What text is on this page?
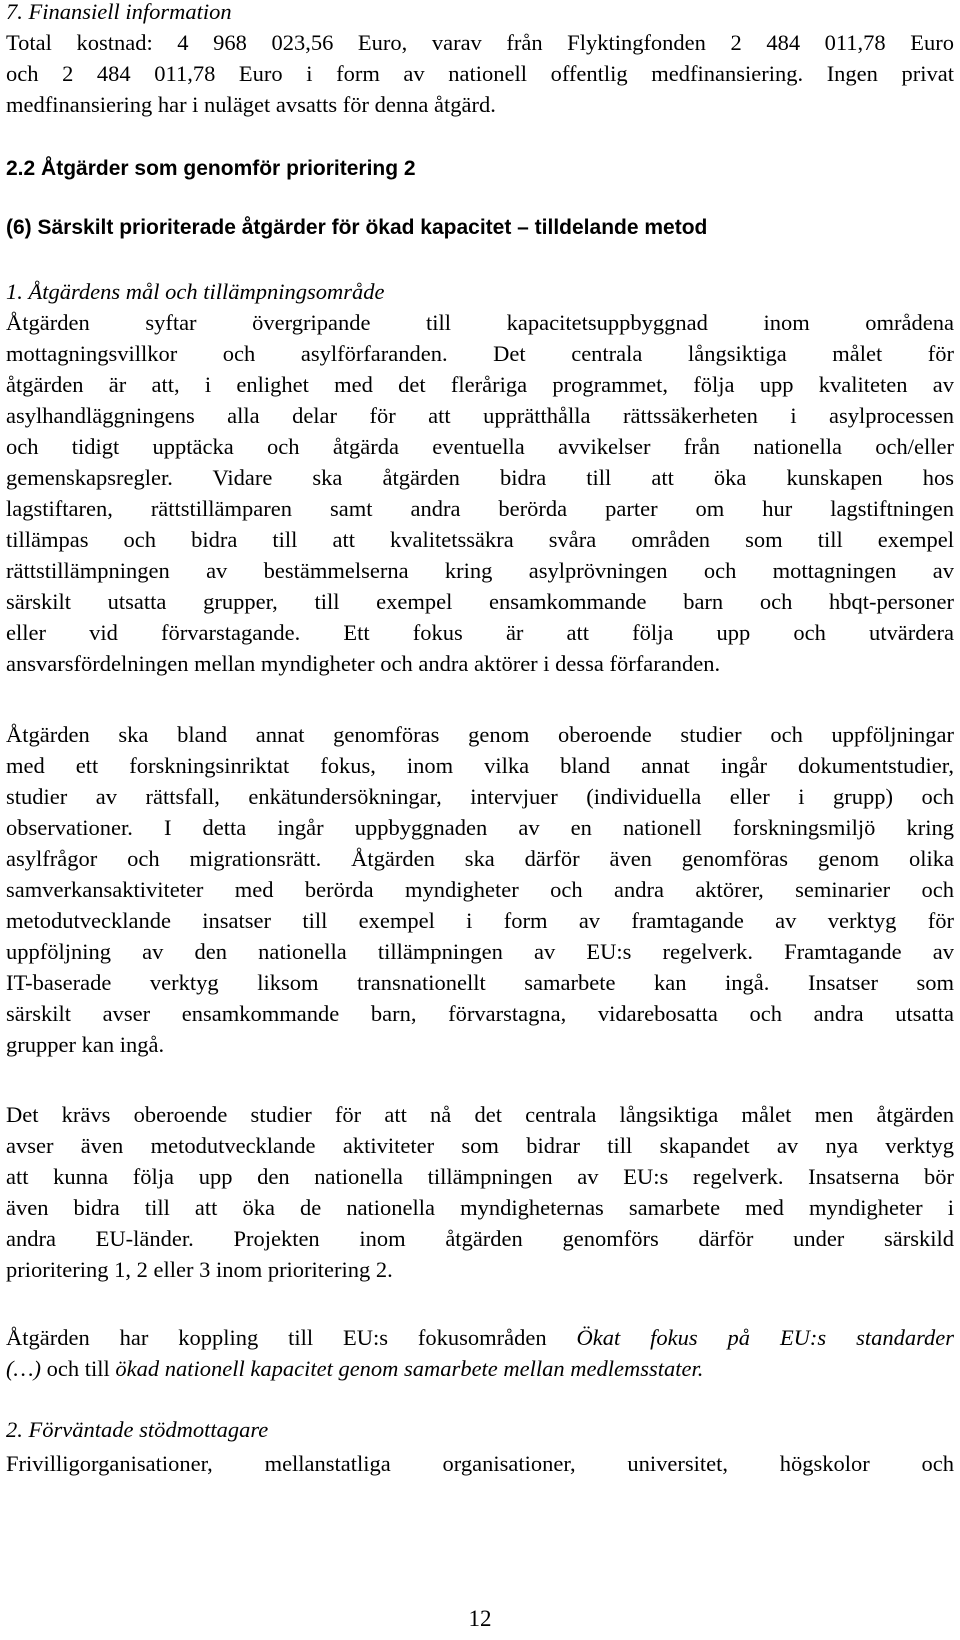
7. Finansiell information
Total kostnad: 4 968 023,56 Euro, varav från Flyktingfonden 2 484 011,78 Euro
och 2 484 011,78 Euro i form av nationell offentlig medfinansiering. Ingen privat
medfinansiering har i nuläget avsatts för denna åtgärd.
2.2 Åtgärder som genomför prioritering 2
(6) Särskilt prioriterade åtgärder för ökad kapacitet – tilldelande metod
1. Åtgärdens mål och tillämpningsområde
Åtgärden syftar övergripande till kapacitetsuppbyggnad inom områdena
mottagningsvillkor och asylförfaranden. Det centrala långsiktiga målet för
åtgärden är att, i enlighet med det fleråriga programmet, följa upp kvaliteten av
asylhandläggningens alla delar för att upprätthålla rättssäkerheten i asylprocessen
och tidigt upptäcka och åtgärda eventuella avvikelser från nationella och/eller
gemenskapsregler. Vidare ska åtgärden bidra till att öka kunskapen hos
lagstiftaren, rättstillämparen samt andra berörda parter om hur lagstiftningen
tillämpas och bidra till att kvalitetssäkra svåra områden som till exempel
rättstillämpningen av bestämmelserna kring asylprövningen och mottagningen av
särskilt utsatta grupper, till exempel ensamkommande barn och hbqt-personer
eller vid förvarstagande. Ett fokus är att följa upp och utvärdera
ansvarsfördelningen mellan myndigheter och andra aktörer i dessa förfaranden.
Åtgärden ska bland annat genomföras genom oberoende studier och uppföljningar
med ett forskningsinriktat fokus, inom vilka bland annat ingår dokumentstudier,
studier av rättsfall, enkätundersökningar, intervjuer (individuella eller i grupp) och
observationer. I detta ingår uppbyggnaden av en nationell forskningsmiljö kring
asylfrågor och migrationsrätt. Åtgärden ska därför även genomföras genom olika
samverkansaktiviteter med berörda myndigheter och andra aktörer, seminarier och
metodutvecklande insatser till exempel i form av framtagande av verktyg för
uppföljning av den nationella tillämpningen av EU:s regelverk. Framtagande av
IT-baserade verktyg liksom transnationellt samarbete kan ingå. Insatser som
särskilt avser ensamkommande barn, förvarstagna, vidarebosatta och andra utsatta
grupper kan ingå.
Det krävs oberoende studier för att nå det centrala långsiktiga målet men åtgärden
avser även metodutvecklande aktiviteter som bidrar till skapandet av nya verktyg
att kunna följa upp den nationella tillämpningen av EU:s regelverk. Insatserna bör
även bidra till att öka de nationella myndigheternas samarbete med myndigheter i
andra EU-länder. Projekten inom åtgärden genomförs därför under särskild
prioritering 1, 2 eller 3 inom prioritering 2.
Åtgärden har koppling till EU:s fokusområden Ökat fokus på EU:s standarder
(…) och till ökad nationell kapacitet genom samarbete mellan medlemsstater.
2. Förväntade stödmottagare
Frivilligorganisationer, mellanstatliga organisationer, universitet, högskolor och
12
